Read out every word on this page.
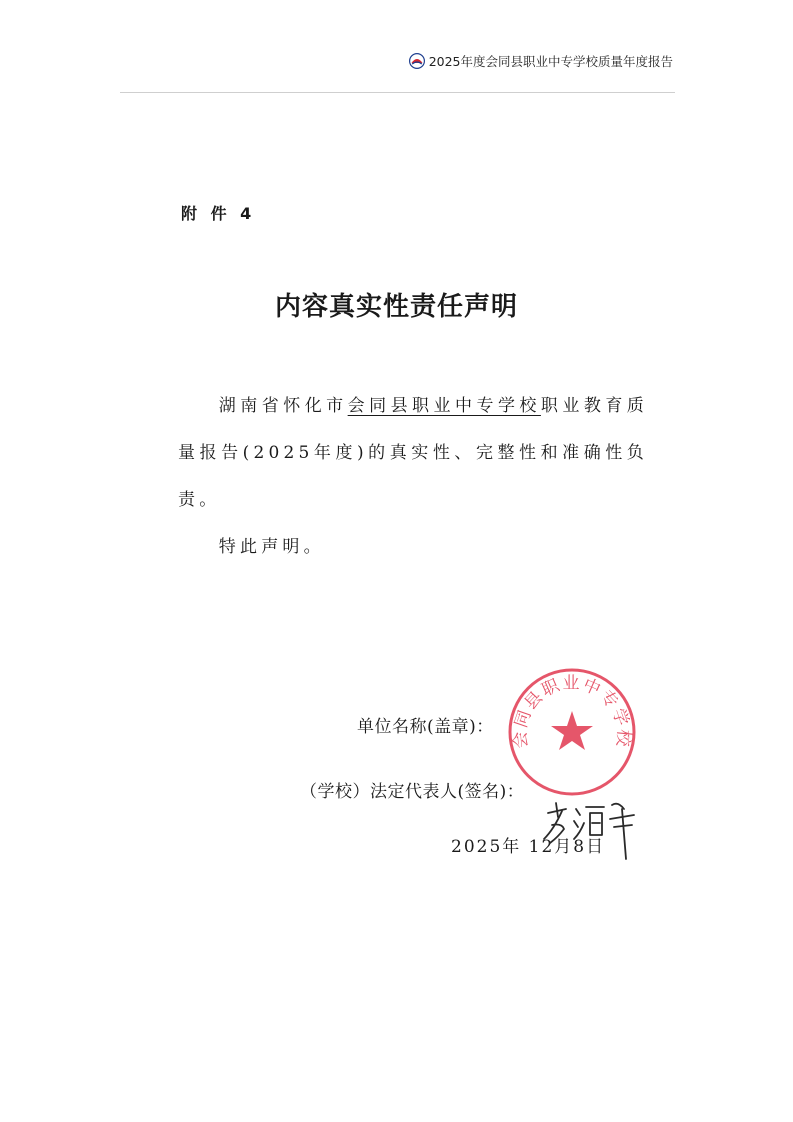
2025年度会同县职业中专学校质量年度报告
附 件 4
内容真实性责任声明

湖南省怀化市会同县职业中专学校职业教育质量报告(2025年度)的真实性、完整性和准确性负责。

特此声明。

单位名称(盖章)：
（学校）法定代表人(签名)：
2025年 12月8日
会同县职业中专学校
